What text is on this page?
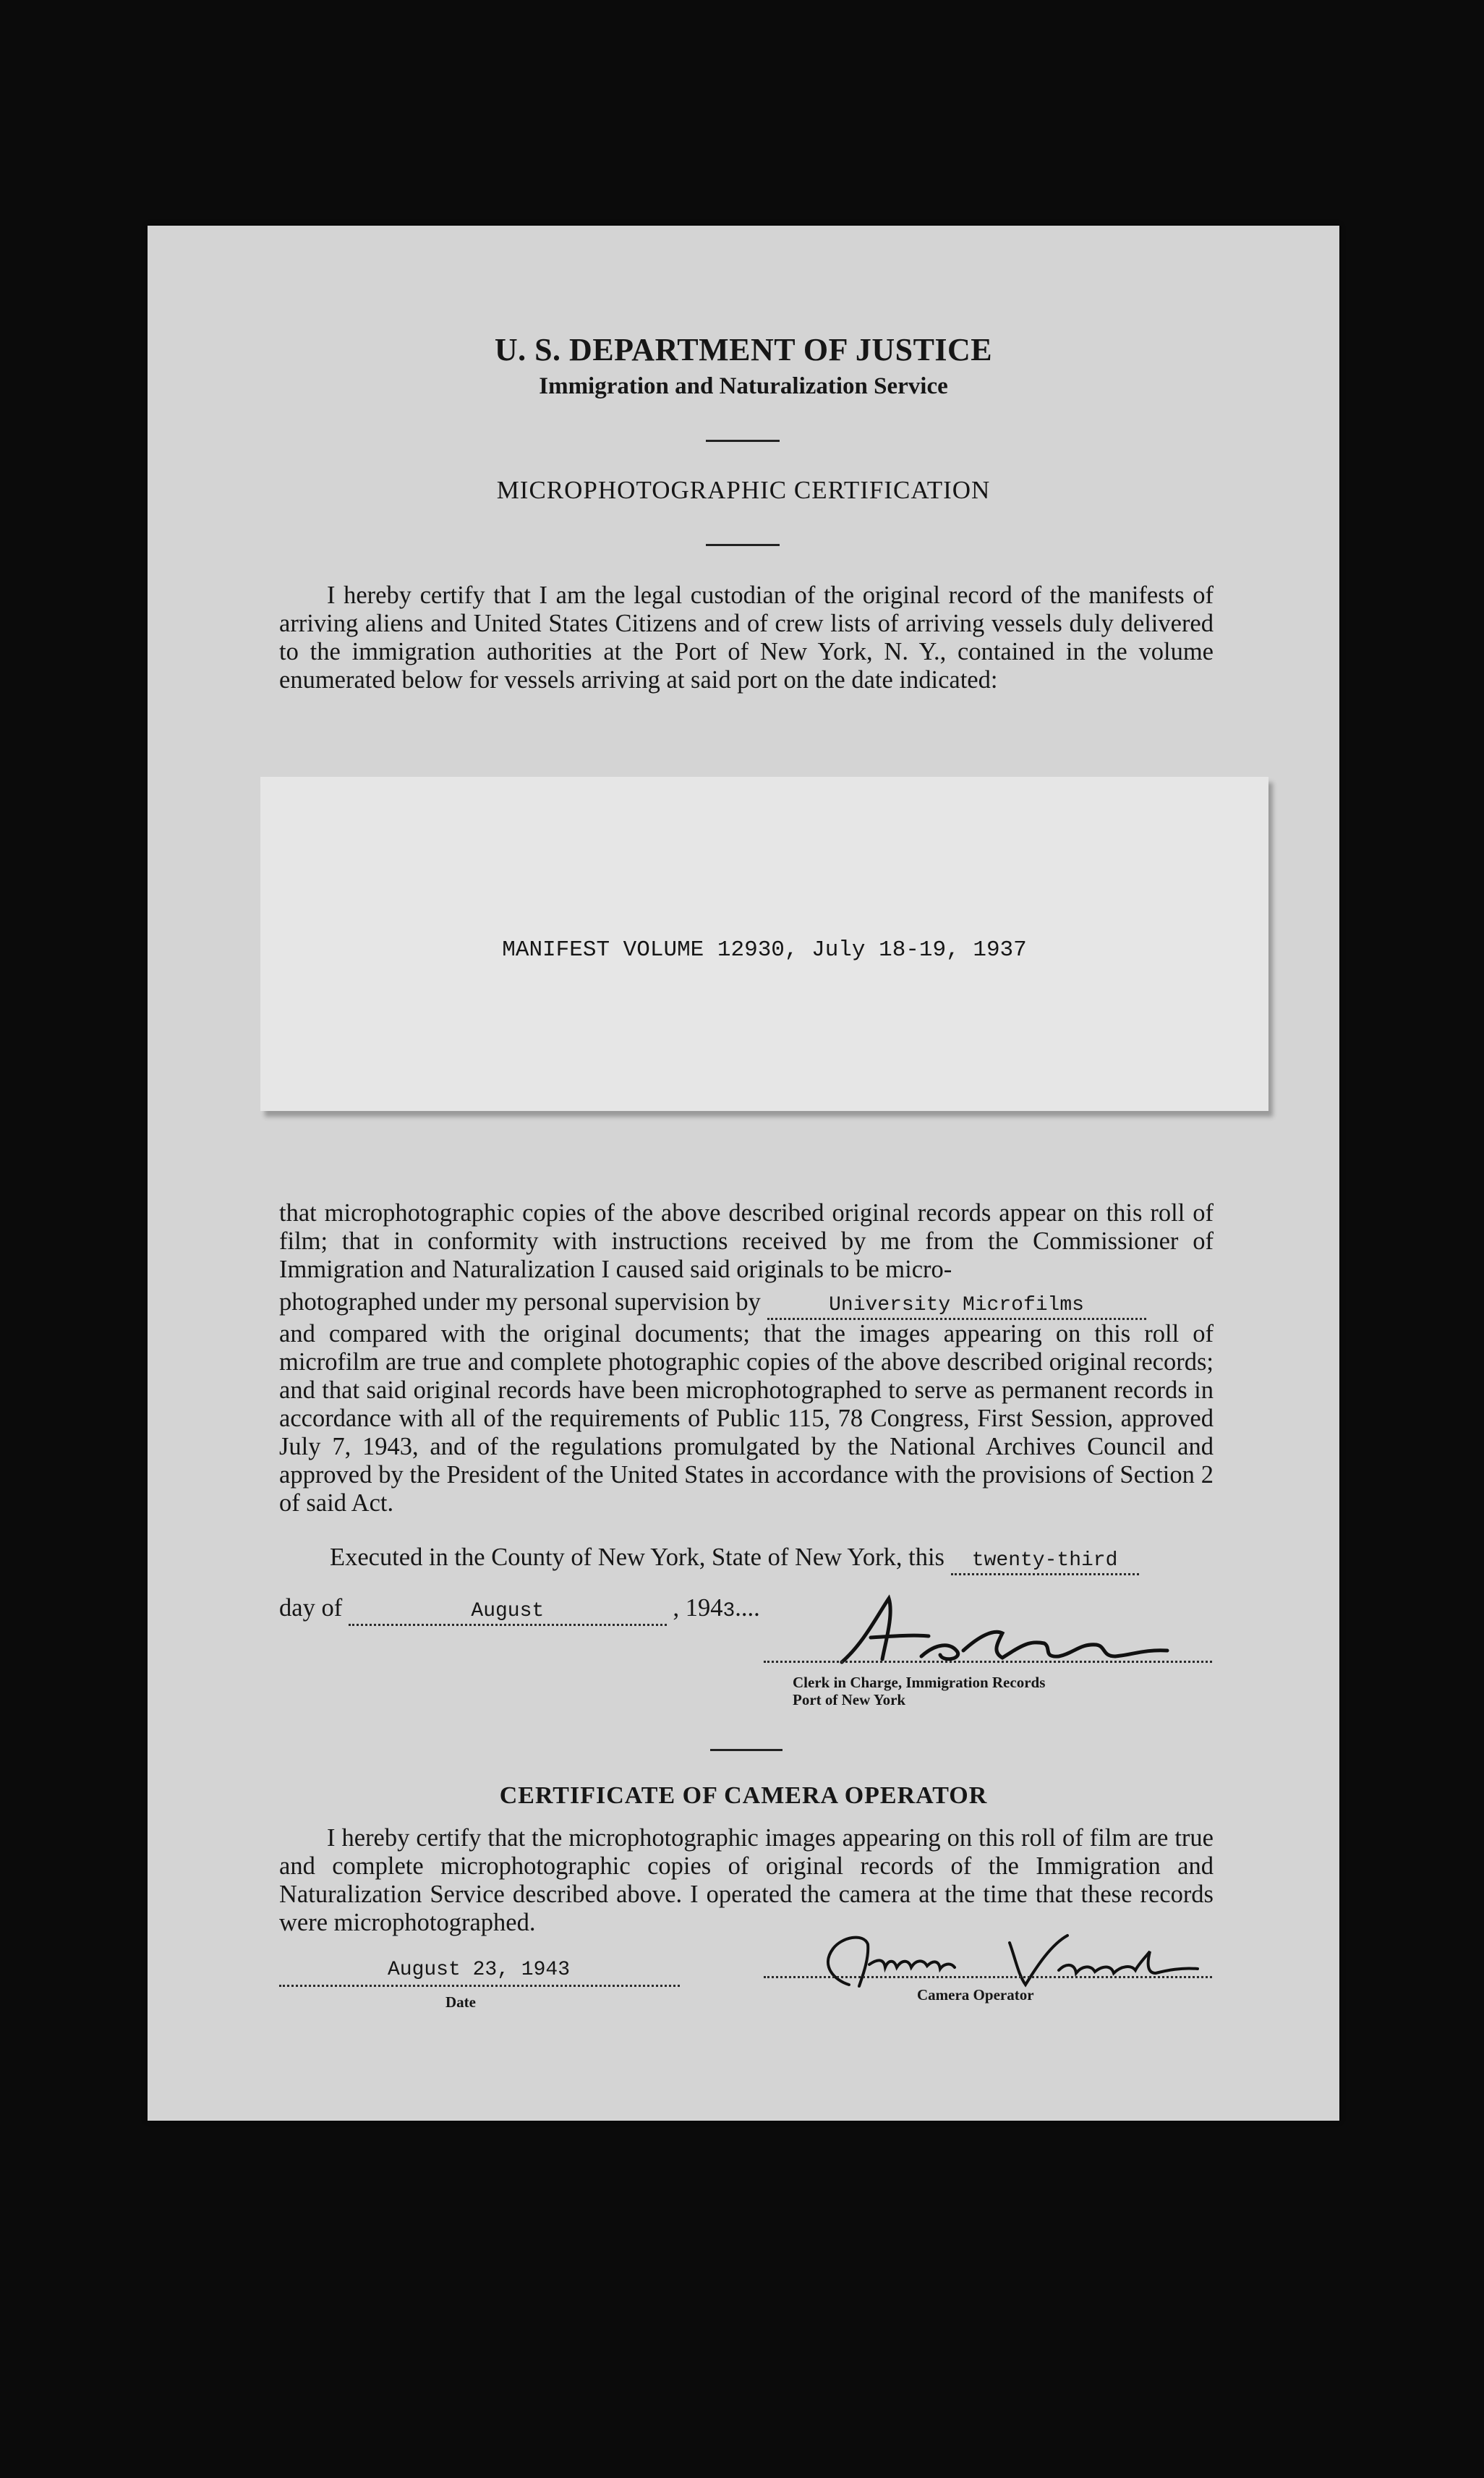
U. S. DEPARTMENT OF JUSTICE
Immigration and Naturalization Service
MICROPHOTOGRAPHIC CERTIFICATION

I hereby certify that I am the legal custodian of the original record of the manifests of arriving aliens and United States Citizens and of crew lists of arriving vessels duly delivered to the immigration authorities at the Port of New York, N. Y., contained in the volume enumerated below for vessels arriving at said port on the date indicated:

MANIFEST VOLUME 12930, July 18-19, 1937
that microphotographic copies of the above described original records appear on this roll of film; that in conformity with instructions received by me from the Commissioner of Immigration and Naturalization I caused said originals to be micro-
photographed under my personal supervision by	University Microfilms
and compared with the original documents; that the images appearing on this roll of microfilm are true and complete photographic copies of the above described original records; and that said original records have been microphotographed to serve as permanent records in accordance with all of the requirements of Public 115, 78 Congress, First Session, approved July 7, 1943, and of the regulations promulgated by the National Archives Council and approved by the President of the United States in accordance with the provisions of Section 2 of said Act.
Executed in the County of New York, State of New York, this twenty-third
day of	August	, 1943....
Clerk in Charge, Immigration Records
Port of New York
CERTIFICATE OF CAMERA OPERATOR

I hereby certify that the microphotographic images appearing on this roll of film are true and complete microphotographic copies of original records of the Immigration and Naturalization Service described above. I operated the camera at the time that these records were microphotographed.

August 23, 1943
Date	Camera Operator
